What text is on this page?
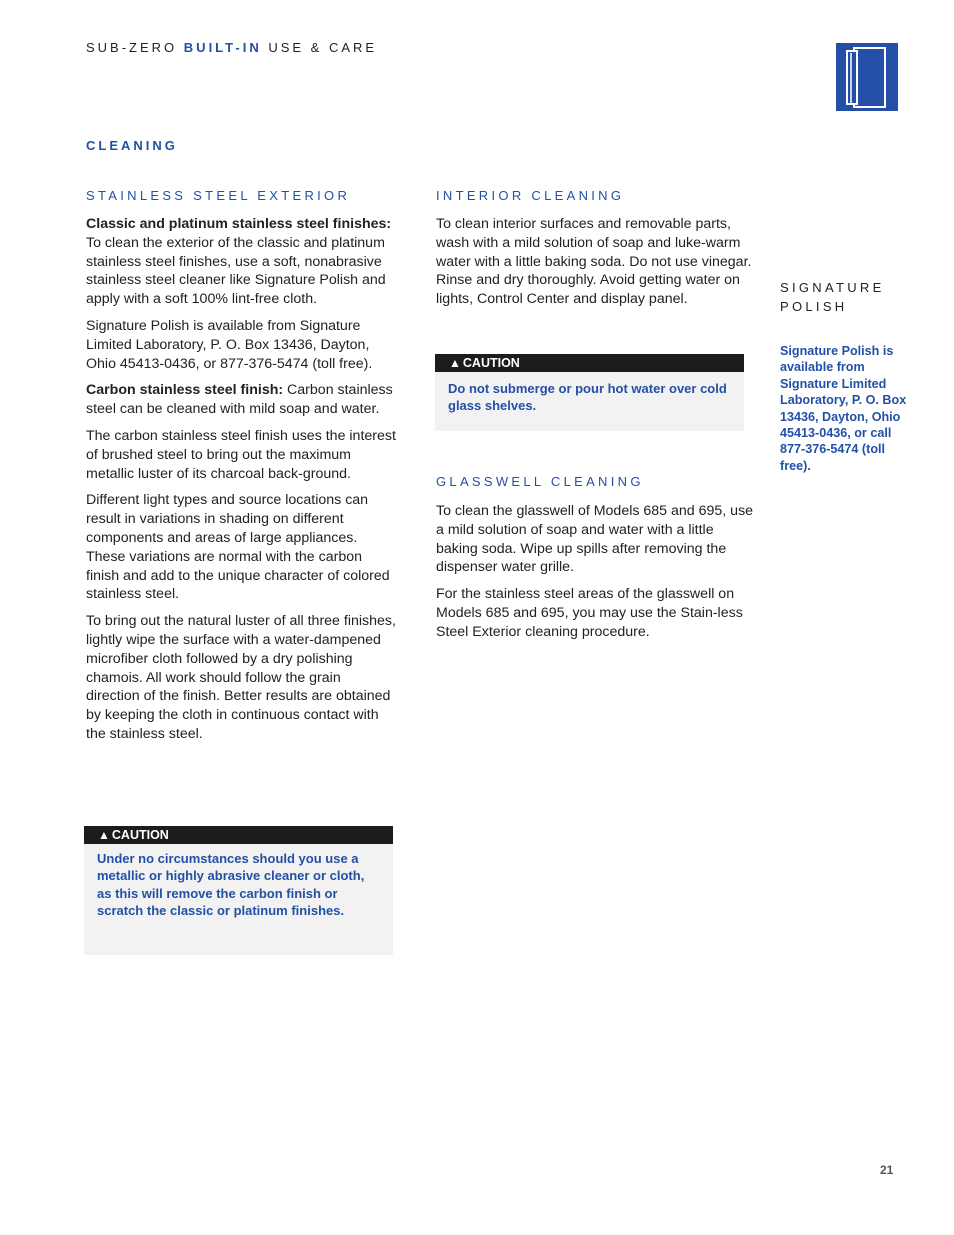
SUB-ZERO BUILT-IN USE & CARE
CLEANING
STAINLESS STEEL EXTERIOR

Classic and platinum stainless steel finishes: To clean the exterior of the classic and platinum stainless steel finishes, use a soft, nonabrasive stainless steel cleaner like Signature Polish and apply with a soft 100% lint-free cloth.

Signature Polish is available from Signature Limited Laboratory, P. O. Box 13436, Dayton, Ohio 45413-0436, or 877-376-5474 (toll free).

Carbon stainless steel finish: Carbon stainless steel can be cleaned with mild soap and water.

The carbon stainless steel finish uses the interest of brushed steel to bring out the maximum metallic luster of its charcoal back-ground.

Different light types and source locations can result in variations in shading on different components and areas of large appliances. These variations are normal with the carbon finish and add to the unique character of colored stainless steel.

To bring out the natural luster of all three finishes, lightly wipe the surface with a water-dampened microfiber cloth followed by a dry polishing chamois. All work should follow the grain direction of the finish. Better results are obtained by keeping the cloth in continuous contact with the stainless steel.

▲ CAUTION
Under no circumstances should you use a metallic or highly abrasive cleaner or cloth, as this will remove the carbon finish or scratch the classic or platinum finishes.
INTERIOR CLEANING

To clean interior surfaces and removable parts, wash with a mild solution of soap and luke-warm water with a little baking soda. Do not use vinegar. Rinse and dry thoroughly. Avoid getting water on lights, Control Center and display panel.

▲ CAUTION
Do not submerge or pour hot water over cold glass shelves.
GLASSWELL CLEANING

To clean the glasswell of Models 685 and 695, use a mild solution of soap and water with a little baking soda. Wipe up spills after removing the dispenser water grille.

For the stainless steel areas of the glasswell on Models 685 and 695, you may use the Stain-less Steel Exterior cleaning procedure.

SIGNATURE
POLISH
Signature Polish is available from Signature Limited Laboratory, P. O. Box 13436, Dayton, Ohio 45413-0436, or call 877-376-5474 (toll free).
21
